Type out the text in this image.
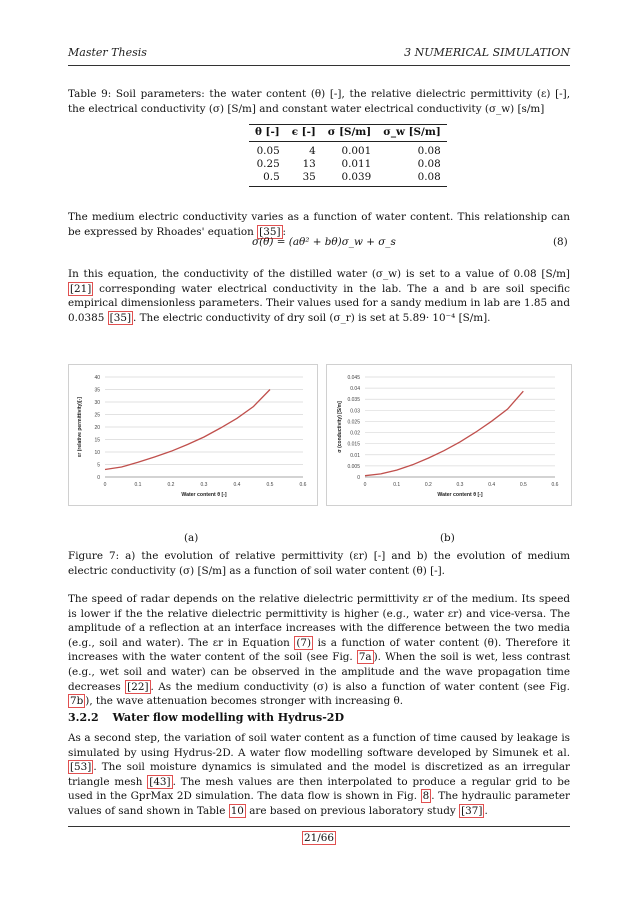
Master Thesis	3 NUMERICAL SIMULATION
Table 9: Soil parameters: the water content (θ) [-], the relative dielectric permittivity (ε) [-], the electrical conductivity (σ) [S/m] and constant water electrical conductivity (σ_w) [s/m]
θ [-]	ϵ [-]	σ [S/m]	σ_w [S/m]
0.05	4	0.001	0.08
0.25	13	0.011	0.08
0.5	35	0.039	0.08
The medium electric conductivity varies as a function of water content. This relationship can be expressed by Rhoades' equation [35] :
σ(θ) = (aθ² + bθ)σ_w + σ_s	(8)
In this equation, the conductivity of the distilled water (σ_w) is set to a value of 0.08 [S/m] [21] corresponding water electrical conductivity in the lab. The a and b are soil specific empirical dimensionless parameters. Their values used for a sandy medium in lab are 1.85 and 0.0385 [35] . The electric conductivity of dry soil (σ_r) is set at 5.89· 10⁻⁴ [S/m].
0
5
10
15
20
25
30
35
40
0	0.1	0.2	0.3	0.4	0.5	0.6
Water content θ [-]
εr (relative permittivity)[-]
(a)
0
0.005
0.01
0.015
0.02
0.025
0.03
0.035
0.04
0.045
0	0.1	0.2	0.3	0.4	0.5	0.6
Water content θ [-]
σ (conductivity) [S/m]
(b)
Figure 7: a) the evolution of relative permittivity (εr) [-] and b) the evolution of medium electric conductivity (σ) [S/m] as a function of soil water content (θ) [-].
The speed of radar depends on the relative dielectric permittivity εr of the medium. Its speed is lower if the the relative dielectric permittivity is higher (e.g., water εr) and vice-versa. The amplitude of a reflection at an interface increases with the difference between the two media (e.g., soil and water). The εr in Equation (7) is a function of water content (θ). Therefore it increases with the water content of the soil (see Fig. 7a ). When the soil is wet, less contrast (e.g., wet soil and water) can be observed in the amplitude and the wave propagation time decreases [22] . As the medium conductivity (σ) is also a function of water content (see Fig. 7b ), the wave attenuation becomes stronger with increasing θ.
3.2.2 Water flow modelling with Hydrus-2D
As a second step, the variation of soil water content as a function of time caused by leakage is simulated by using Hydrus-2D. A water flow modelling software developed by Simunek et al. [53] . The soil moisture dynamics is simulated and the model is discretized as an irregular triangle mesh [43] . The mesh values are then interpolated to produce a regular grid to be used in the GprMax 2D simulation. The data flow is shown in Fig. 8 . The hydraulic parameter values of sand shown in Table 10 are based on previous laboratory study [37] .
21/66
